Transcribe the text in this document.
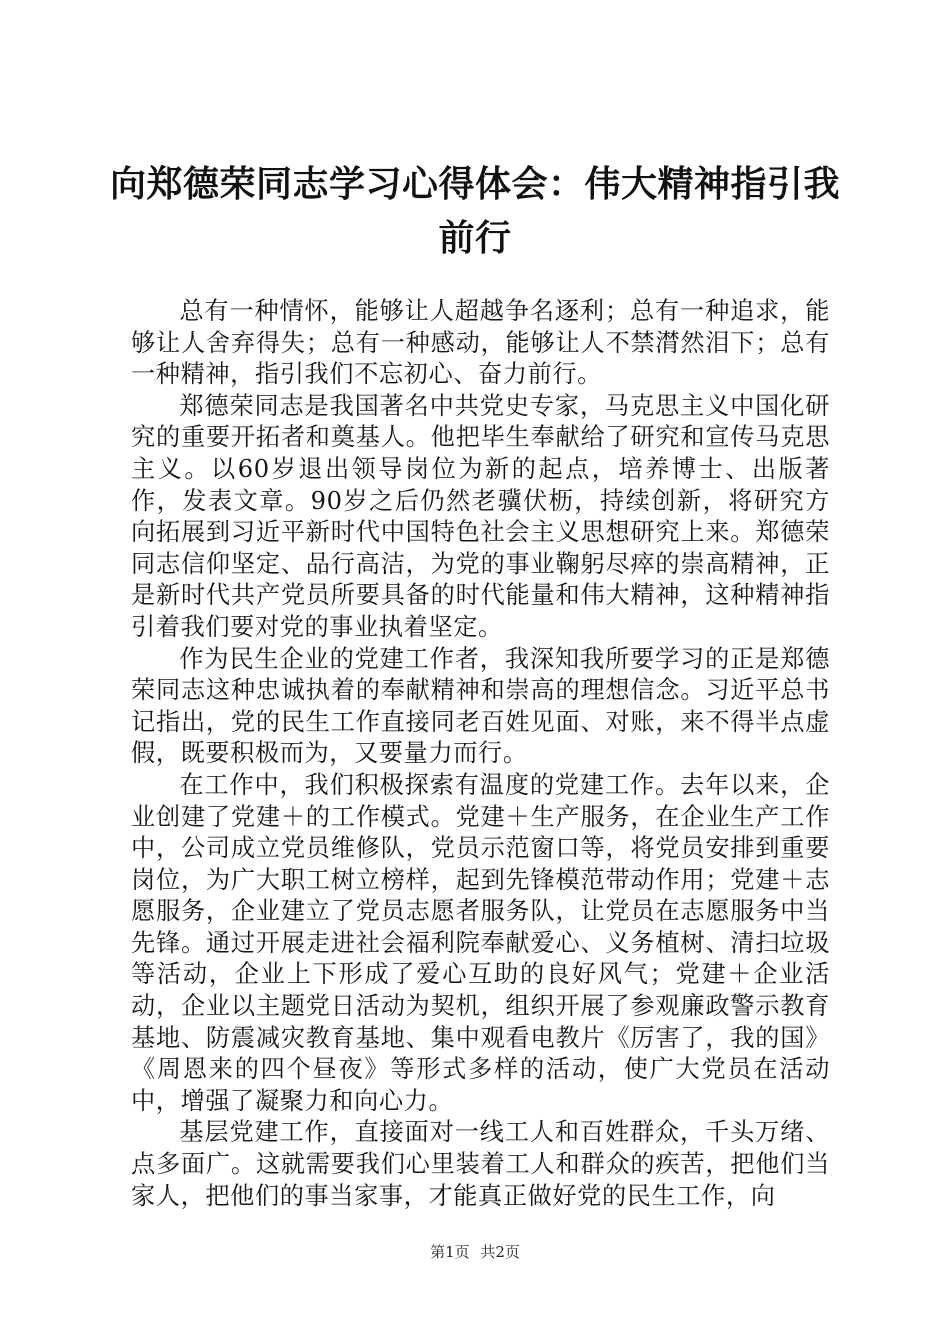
向郑德荣同志学习心得体会：伟大精神指引我
前行

总有一种情怀，能够让人超越争名逐利；总有一种追求，能够让人舍弃得失；总有一种感动，能够让人不禁潸然泪下；总有一种精神，指引我们不忘初心、奋力前行。

郑德荣同志是我国著名中共党史专家，马克思主义中国化研究的重要开拓者和奠基人。他把毕生奉献给了研究和宣传马克思主义。以60岁退出领导岗位为新的起点，培养博士、出版著作，发表文章。90岁之后仍然老骥伏枥，持续创新，将研究方向拓展到习近平新时代中国特色社会主义思想研究上来。郑德荣同志信仰坚定、品行高洁，为党的事业鞠躬尽瘁的崇高精神，正是新时代共产党员所要具备的时代能量和伟大精神，这种精神指引着我们要对党的事业执着坚定。

作为民生企业的党建工作者，我深知我所要学习的正是郑德荣同志这种忠诚执着的奉献精神和崇高的理想信念。习近平总书记指出，党的民生工作直接同老百姓见面、对账，来不得半点虚假，既要积极而为，又要量力而行。

在工作中，我们积极探索有温度的党建工作。去年以来，企业创建了党建＋的工作模式。党建＋生产服务，在企业生产工作中，公司成立党员维修队，党员示范窗口等，将党员安排到重要岗位，为广大职工树立榜样，起到先锋模范带动作用；党建＋志愿服务，企业建立了党员志愿者服务队，让党员在志愿服务中当先锋。通过开展走进社会福利院奉献爱心、义务植树、清扫垃圾等活动，企业上下形成了爱心互助的良好风气；党建＋企业活动，企业以主题党日活动为契机，组织开展了参观廉政警示教育基地、防震减灾教育基地、集中观看电教片《厉害了，我的国》《周恩来的四个昼夜》等形式多样的活动，使广大党员在活动中，增强了凝聚力和向心力。

基层党建工作，直接面对一线工人和百姓群众，千头万绪、点多面广。这就需要我们心里装着工人和群众的疾苦，把他们当家人，把他们的事当家事，才能真正做好党的民生工作，向

第1页 共2页
